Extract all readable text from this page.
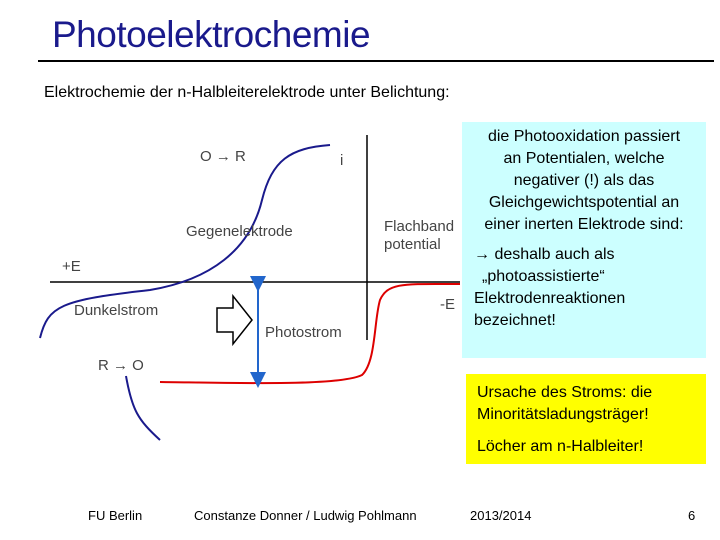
Photoelektrochemie
Elektrochemie der n-Halbleiterelektrode unter Belichtung:
O → R	i
Gegenelektrode
+E
Dunkelstrom
Photostrom
R → O
Flachband
potential
-E
die Photooxidation passiert
an Potentialen, welche
negativer (!) als das
Gleichgewichtspotential an
einer inerten Elektrode sind:
→ deshalb auch als
„photoassistierte“
Elektrodenreaktionen
bezeichnet!
Ursache des Stroms: die
Minoritätsladungsträger!
Löcher am n-Halbleiter!
FU Berlin	Constanze Donner / Ludwig Pohlmann	2013/2014	6
